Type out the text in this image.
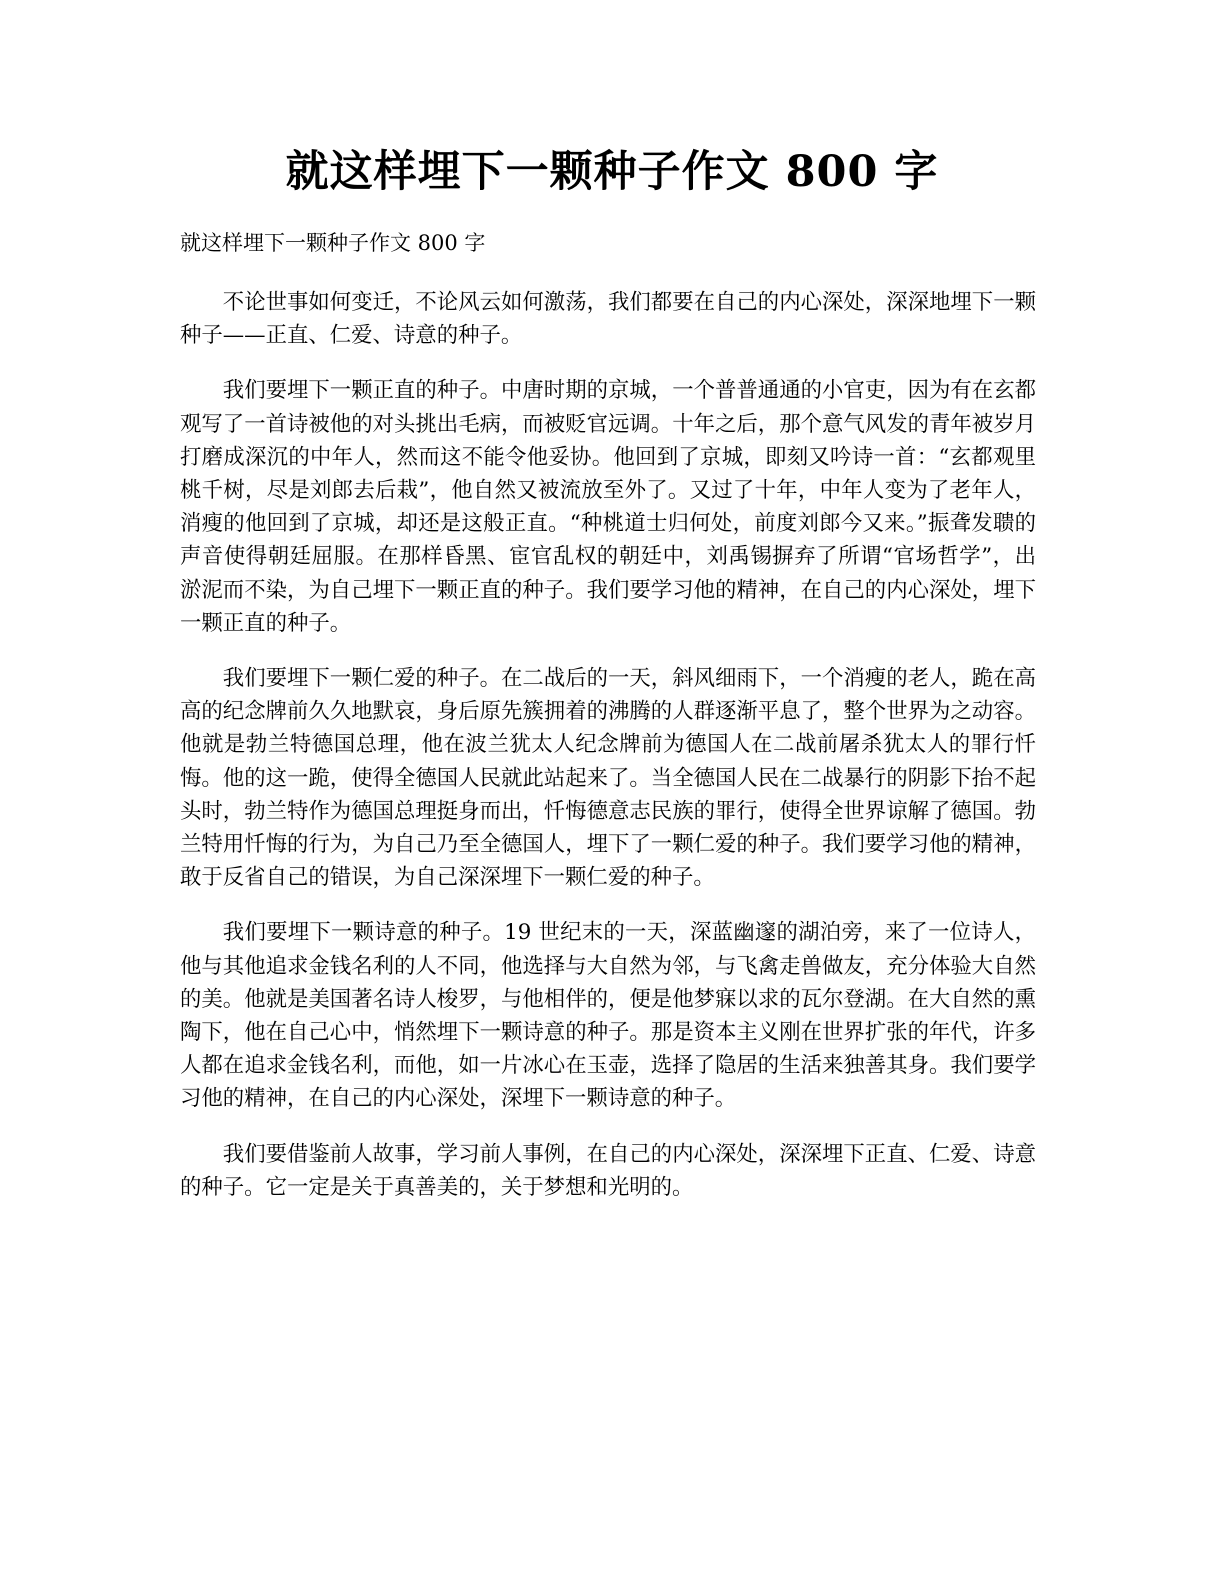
就这样埋下一颗种子作文 800 字

就这样埋下一颗种子作文 800 字

不论世事如何变迁，不论风云如何激荡，我们都要在自己的内心深处，深深地埋下一颗种子——正直、仁爱、诗意的种子。

我们要埋下一颗正直的种子。中唐时期的京城，一个普普通通的小官吏，因为有在玄都观写了一首诗被他的对头挑出毛病，而被贬官远调。十年之后，那个意气风发的青年被岁月打磨成深沉的中年人，然而这不能令他妥协。他回到了京城，即刻又吟诗一首：“玄都观里桃千树，尽是刘郎去后栽”，他自然又被流放至外了。又过了十年，中年人变为了老年人，消瘦的他回到了京城，却还是这般正直。“种桃道士归何处，前度刘郎今又来。”振聋发聩的声音使得朝廷屈服。在那样昏黑、宦官乱权的朝廷中，刘禹锡摒弃了所谓“官场哲学”，出淤泥而不染，为自己埋下一颗正直的种子。我们要学习他的精神，在自己的内心深处，埋下一颗正直的种子。

我们要埋下一颗仁爱的种子。在二战后的一天，斜风细雨下，一个消瘦的老人，跪在高高的纪念牌前久久地默哀，身后原先簇拥着的沸腾的人群逐渐平息了，整个世界为之动容。他就是勃兰特德国总理，他在波兰犹太人纪念牌前为德国人在二战前屠杀犹太人的罪行忏悔。他的这一跪，使得全德国人民就此站起来了。当全德国人民在二战暴行的阴影下抬不起头时，勃兰特作为德国总理挺身而出，忏悔德意志民族的罪行，使得全世界谅解了德国。勃兰特用忏悔的行为，为自己乃至全德国人，埋下了一颗仁爱的种子。我们要学习他的精神，敢于反省自己的错误，为自己深深埋下一颗仁爱的种子。

我们要埋下一颗诗意的种子。19 世纪末的一天，深蓝幽邃的湖泊旁，来了一位诗人，他与其他追求金钱名利的人不同，他选择与大自然为邻，与飞禽走兽做友，充分体验大自然的美。他就是美国著名诗人梭罗，与他相伴的，便是他梦寐以求的瓦尔登湖。在大自然的熏陶下，他在自己心中，悄然埋下一颗诗意的种子。那是资本主义刚在世界扩张的年代，许多人都在追求金钱名利，而他，如一片冰心在玉壶，选择了隐居的生活来独善其身。我们要学习他的精神，在自己的内心深处，深埋下一颗诗意的种子。

我们要借鉴前人故事，学习前人事例，在自己的内心深处，深深埋下正直、仁爱、诗意的种子。它一定是关于真善美的，关于梦想和光明的。
